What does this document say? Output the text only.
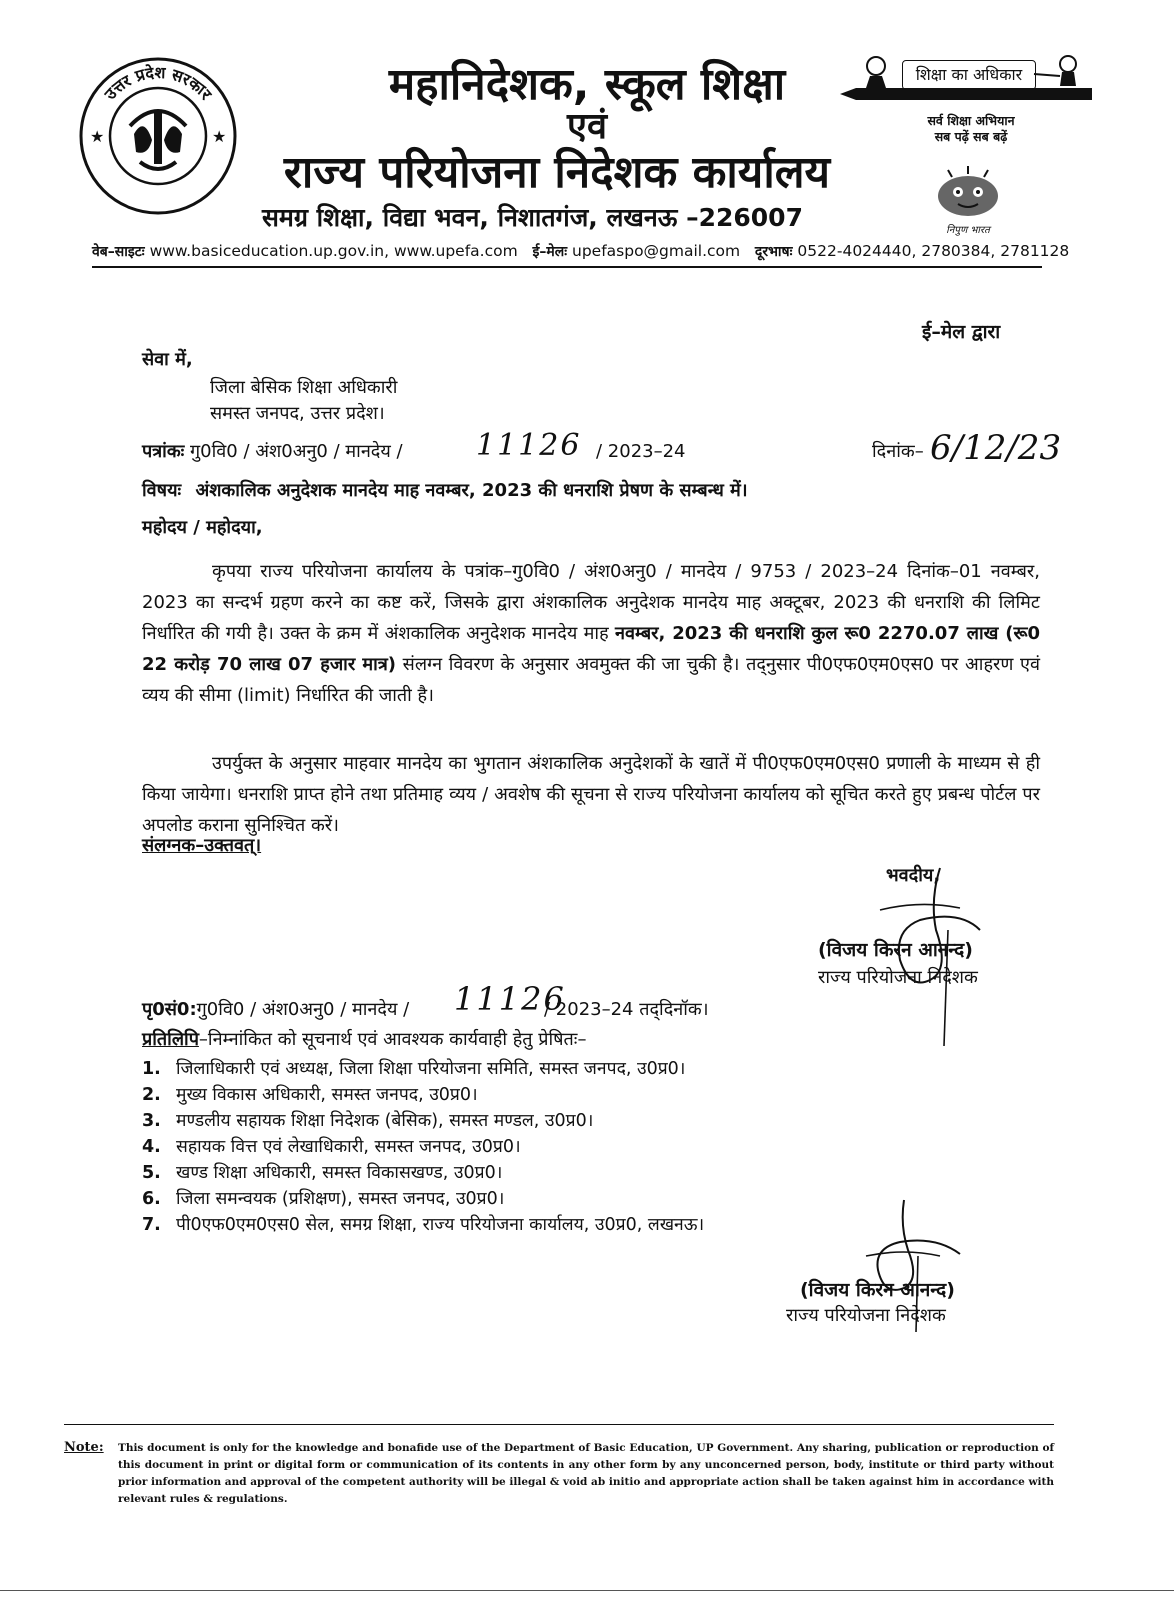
उत्तर प्रदेश सरकार
★	★
महानिदेशक, स्कूल शिक्षा
एवं
राज्य परियोजना निदेशक कार्यालय
समग्र शिक्षा, विद्या भवन, निशातगंज, लखनऊ –226007
शिक्षा का अधिकार
सर्व शिक्षा अभियान
सब पढ़ें सब बढ़ें
निपुण भारत
वेब–साइटः www.basiceducation.up.gov.in, www.upefa.com ई–मेलः upefaspo@gmail.com दूरभाषः 0522-4024440, 2780384, 2781128
ई–मेल द्वारा
सेवा में,
जिला बेसिक शिक्षा अधिकारी
समस्त जनपद, उत्तर प्रदेश।
पत्रांकः गु0वि0 / अंश0अनु0 / मानदेय / 11126 / 2023–24	दिनांक– 6/12/23
विषयः अंशकालिक अनुदेशक मानदेय माह नवम्बर, 2023 की धनराशि प्रेषण के सम्बन्ध में।
महोदय / महोदया,
कृपया राज्य परियोजना कार्यालय के पत्रांक–गु0वि0 / अंश0अनु0 / मानदेय / 9753 / 2023–24 दिनांक–01 नवम्बर, 2023 का सन्दर्भ ग्रहण करने का कष्ट करें, जिसके द्वारा अंशकालिक अनुदेशक मानदेय माह अक्टूबर, 2023 की धनराशि की लिमिट निर्धारित की गयी है। उक्त के क्रम में अंशकालिक अनुदेशक मानदेय माह नवम्बर, 2023 की धनराशि कुल रू0 2270.07 लाख (रू0 22 करोड़ 70 लाख 07 हजार मात्र) संलग्न विवरण के अनुसार अवमुक्त की जा चुकी है। तद्नुसार पी0एफ0एम0एस0 पर आहरण एवं व्यय की सीमा (limit) निर्धारित की जाती है।
उपर्युक्त के अनुसार माहवार मानदेय का भुगतान अंशकालिक अनुदेशकों के खातें में पी0एफ0एम0एस0 प्रणाली के माध्यम से ही किया जायेगा। धनराशि प्राप्त होने तथा प्रतिमाह व्यय / अवशेष की सूचना से राज्य परियोजना कार्यालय को सूचित करते हुए प्रबन्ध पोर्टल पर अपलोड कराना सुनिश्चित करें।
संलग्नक–उक्तवत्।
भवदीय,
(विजय किरन आनन्द)
राज्य परियोजना निदेशक
पृ0सं0:गु0वि0 / अंश0अनु0 / मानदेय / 11126
/ 2023–24 तद्‌दिनॉक।
प्रतिलिपि–निम्नांकित को सूचनार्थ एवं आवश्यक कार्यवाही हेतु प्रेषितः–
1. जिलाधिकारी एवं अध्यक्ष, जिला शिक्षा परियोजना समिति, समस्त जनपद, उ0प्र0।
2. मुख्य विकास अधिकारी, समस्त जनपद, उ0प्र0।
3. मण्डलीय सहायक शिक्षा निदेशक (बेसिक), समस्त मण्डल, उ0प्र0।
4. सहायक वित्त एवं लेखाधिकारी, समस्त जनपद, उ0प्र0।
5. खण्ड शिक्षा अधिकारी, समस्त विकासखण्ड, उ0प्र0।
6. जिला समन्वयक (प्रशिक्षण), समस्त जनपद, उ0प्र0।
7. पी0एफ0एम0एस0 सेल, समग्र शिक्षा, राज्य परियोजना कार्यालय, उ0प्र0, लखनऊ।
(विजय किरन आनन्द)
राज्य परियोजना निदेशक
Note: This document is only for the knowledge and bonafide use of the Department of Basic Education, UP Government. Any sharing, publication or reproduction of this document in print or digital form or communication of its contents in any other form by any unconcerned person, body, institute or third party without prior information and approval of the competent authority will be illegal & void ab initio and appropriate action shall be taken against him in accordance with relevant rules & regulations.
